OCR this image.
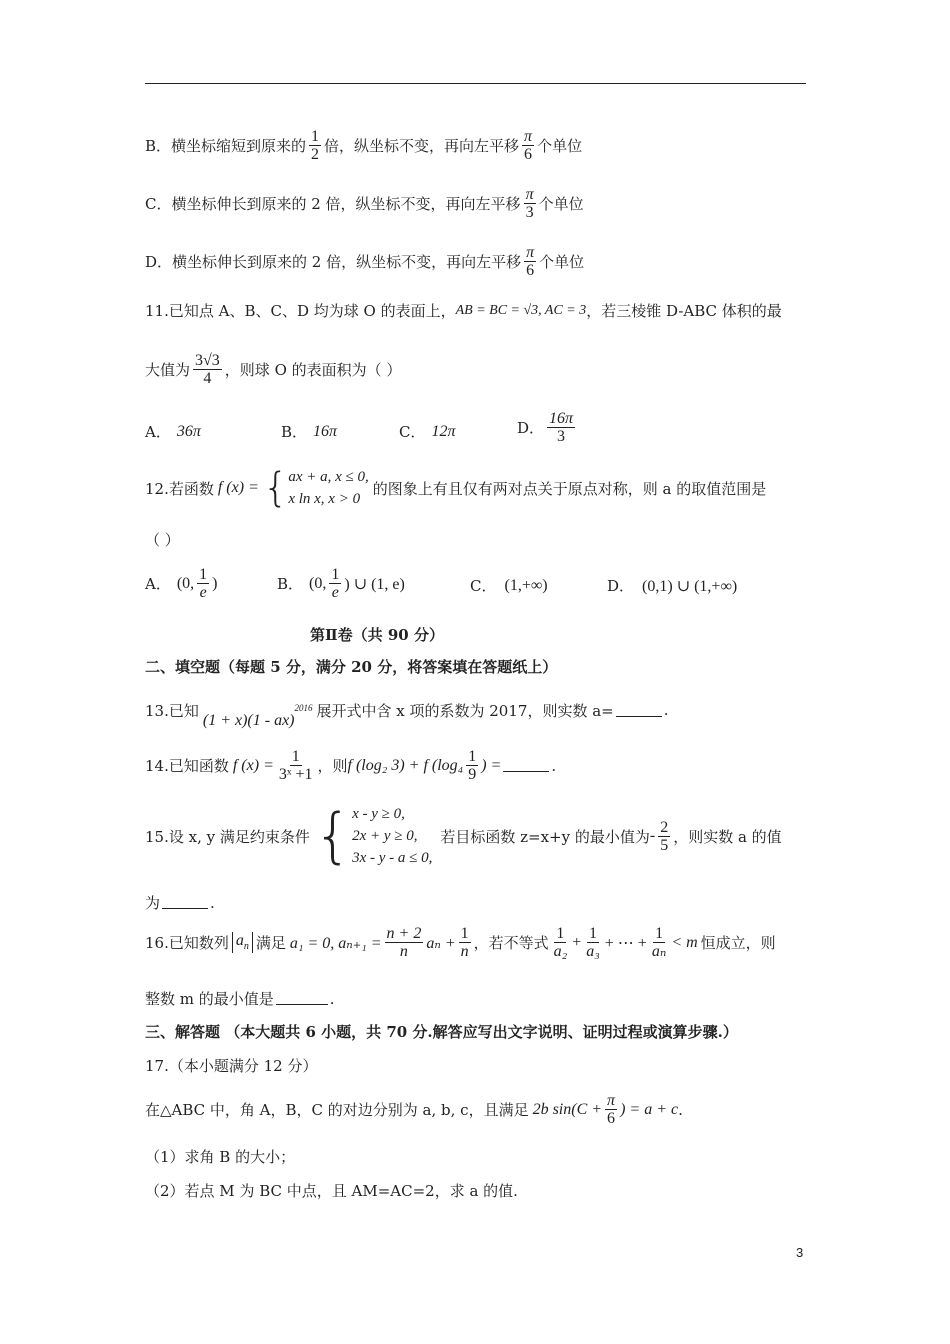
B．横坐标缩短到原来的 $\frac{1}{2}$ 倍，纵坐标不变，再向左平移 $\frac{\pi}{6}$ 个单位
C．横坐标伸长到原来的 2 倍，纵坐标不变，再向左平移 $\frac{\pi}{3}$ 个单位
D．横坐标伸长到原来的 2 倍，纵坐标不变，再向左平移 $\frac{\pi}{6}$ 个单位
11.已知点 A、B、C、D 均为球 O 的表面上， AB = BC = √3, AC = 3 ，若三棱锥 D-ABC 体积的最
大值为 $\frac{3√3}{4}$ ，则球 O 的表面积为（ ）
A． 36π	B． 16π	C． 12π	D． $\frac{16\pi}{3}$
12.若函数 f (x) = { ax + a, x ≤ 0,
x ln x, x > 0
的图象上有且仅有两对点关于原点对称，则 a 的取值范围是
（ ）
A． (0, $\frac{1}{e}$ )	B． (0, $\frac{1}{e}$ ) ∪ (1, e)	C． (1,+∞)	D． (0,1) ∪ (1,+∞)
第Ⅱ卷（共 90 分）
二、填空题（每题 5 分，满分 20 分，将答案填在答题纸上）
13.已知
(1 + x)(1 - ax)
$^{2016}$ 展开式中含 x 项的系数为 2017，则实数 a=	.
14.已知函数 f $(x) = \frac{1}{\text{3ˣ +1}}$ ，则 f (log₂ 3) + f ($\log_4 \frac{1}{9}$ ) =	.
15.设 x, y 满足约束条件 { x - y ≥ 0,
2x + y ≥ 0,
3x - y - a ≤ 0,
若目标函数 z=x+y 的最小值为 - $\frac{2}{5}$ ，则实数 a 的值
为	.
16.已知数列 $a_n$ 满足 a₁ = 0, $a_{n+1} = \frac{n + 2}{n}$ $a_n + \frac{1}{n}$ ，若不等式 $\frac{1}{\text{a₂}} + \frac{1}{\text{a₃}}$ + ⋯ + $\frac{1}{\text{aₙ}} < m$ 恒成立，则
整数 m 的最小值是	.
三、解答题 （本大题共 6 小题，共 70 分.解答应写出文字说明、证明过程或演算步骤.）
17.（本小题满分 12 分）
在△ABC 中，角 A，B，C 的对边分别为 a, b, c，且满足 2b $\sin(C + \frac{\pi}{6}$ ) = a + c .
（1）求角 B 的大小；
（2）若点 M 为 BC 中点，且 AM=AC=2，求 a 的值.
3
